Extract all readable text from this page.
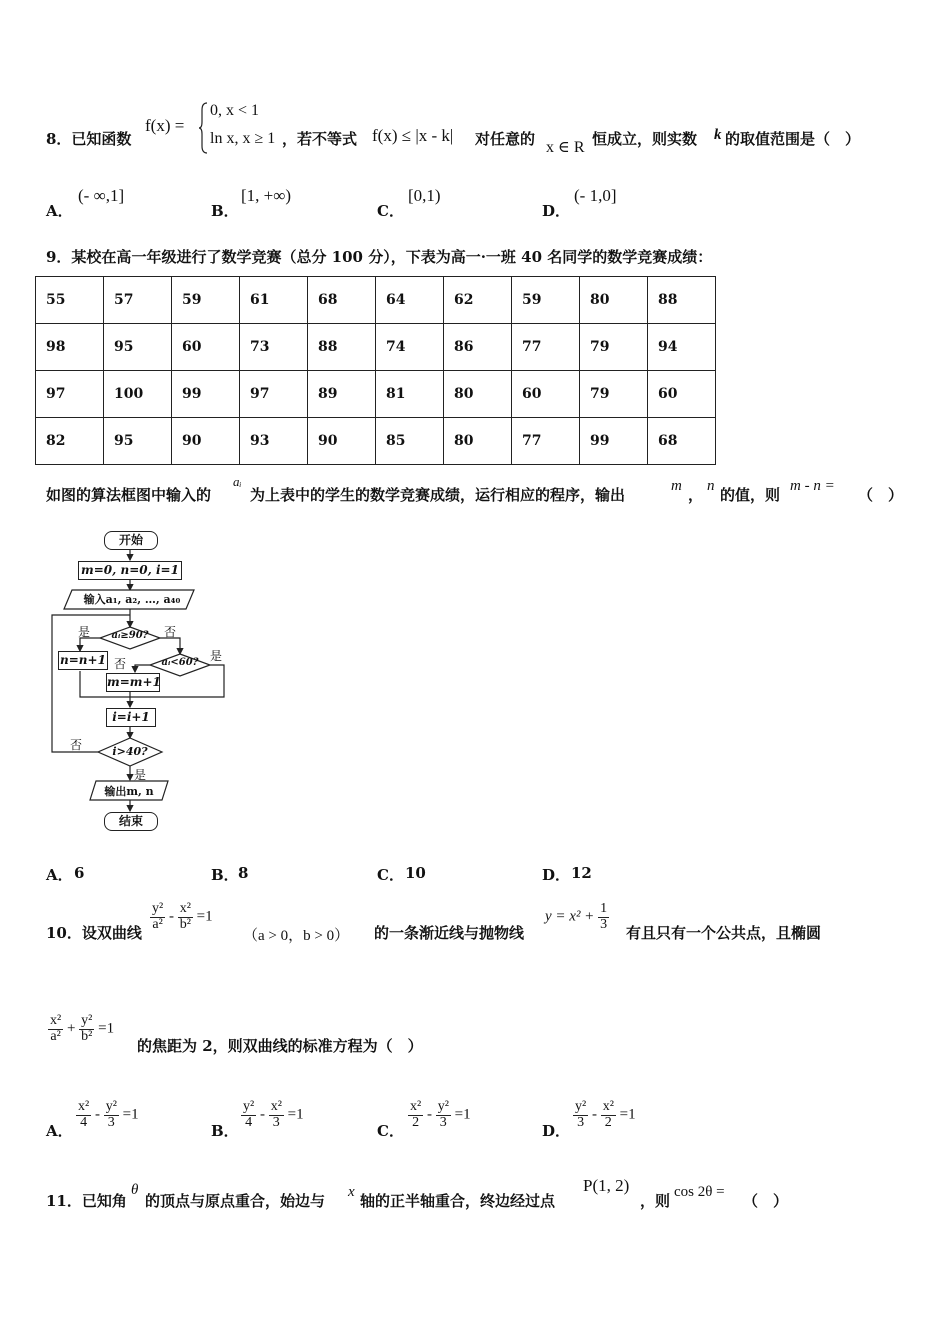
8．已知函数
f(x) =
0, x < 1
ln x, x ≥ 1 ，若不等式 f(x) ≤ |x - k| 对任意的 x ∈ R 恒成立，则实数 k 的取值范围是（　）
A．
(- ∞,1]
B．
[1, +∞)
C．
[0,1)
D．
(- 1,0]
9．某校在高一年级进行了数学竞赛（总分 100 分），下表为高一·一班 40 名同学的数学竞赛成绩：
55	57	59	61	68	64	62	59	80	88
98	95	60	73	88	74	86	77	79	94
97	100	99	97	89	81	80	60	79	60
82	95	90	93	90	85	80	77	99	68
如图的算法框图中输入的
aᵢ
为上表中的学生的数学竞赛成绩，运行相应的程序，输出	m ， n 的值，则 m - n = （　）
开始
m=0, n=0, i=1
输入a₁, a₂, …, a₄₀
aᵢ≥90?
是	否
n=n+1	aᵢ<60?
否
是
m=m+1
i=i+1
i>40?
否
是
输出m, n
结束
A． 6	B． 8	C． 10	D． 12
10．设双曲线
$\frac{\text{y²}}{\text{a²}} - \frac{\text{x²}}{\text{b²}} =1$
（a > 0，b > 0） 的一条渐近线与抛物线
$y = x^2 + \frac{1}{3}$
有且只有一个公共点，且椭圆
$\frac{\text{x²}}{\text{a²}} + \frac{\text{y²}}{\text{b²}} =1$
的焦距为 2，则双曲线的标准方程为（　）
A．
$\frac{\text{x²}}{4} - \frac{\text{y²}}{3} =1$
B．
$\frac{\text{y²}}{4} - \frac{\text{x²}}{3} =1$
C．
$\frac{\text{x²}}{2} - \frac{\text{y²}}{3} =1$
D．
$\frac{\text{y²}}{3} - \frac{\text{x²}}{2} =1$
11．已知角
θ
的顶点与原点重合，始边与 x 轴的正半轴重合，终边经过点
P(1, 2)
，则 cos 2θ = （　）
